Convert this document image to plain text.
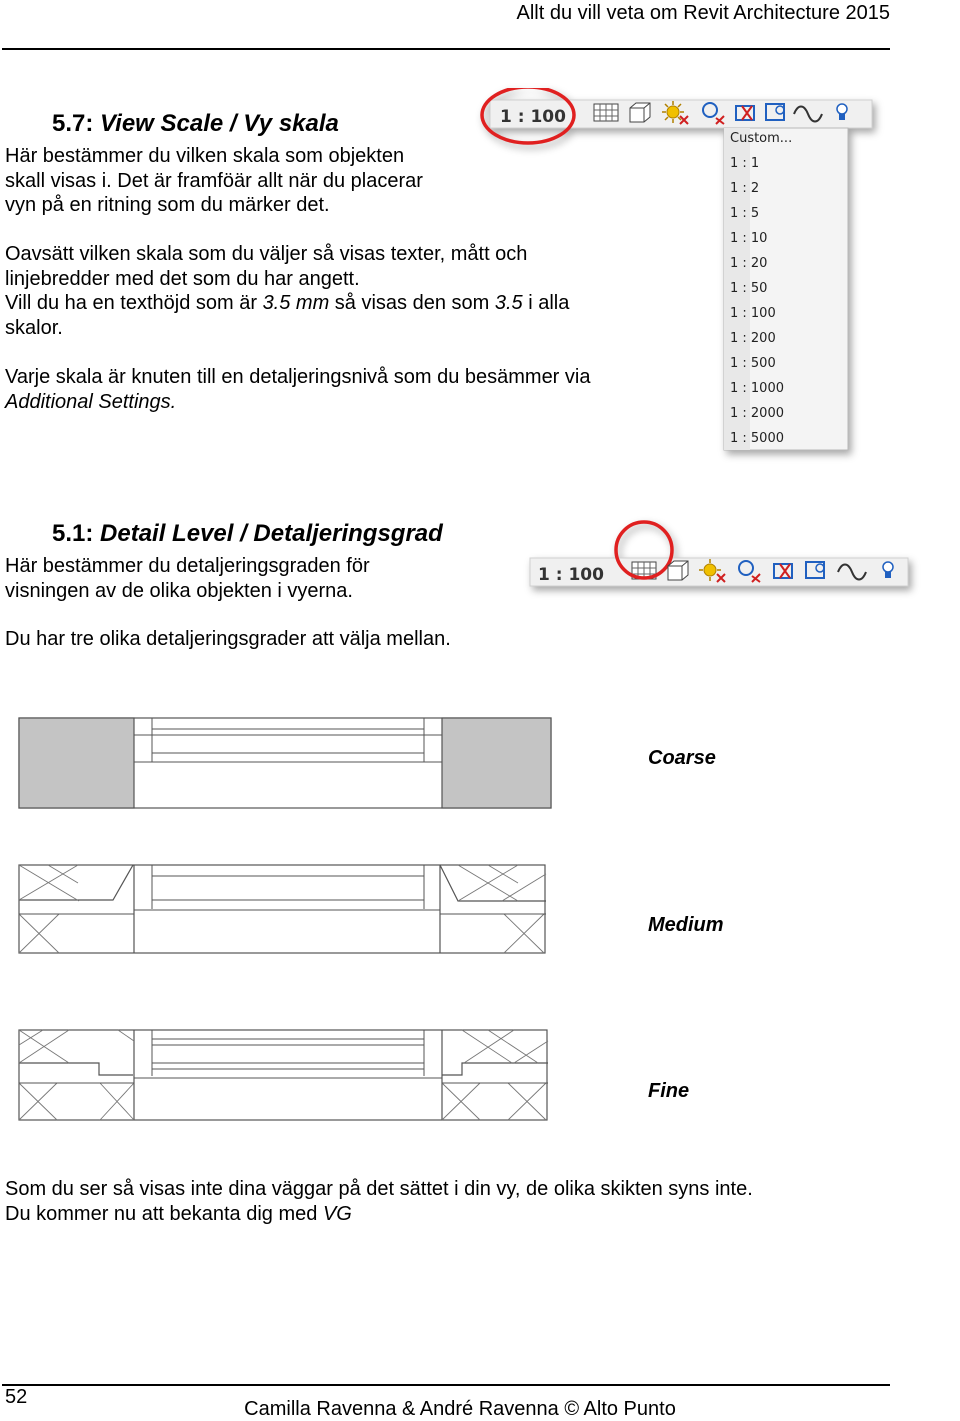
Allt du vill veta om Revit Architecture 2015
5.7: View Scale / Vy skala
Här bestämmer du vilken skala som objekten
skall visas i. Det är framföär allt när du placerar
vyn på en ritning som du märker det.
Oavsätt vilken skala som du väljer så visas texter, mått och
linjebredder med det som du har angett.
Vill du ha en texthöjd som är 3.5 mm så visas den som 3.5 i alla
skalor.
Varje skala är knuten till en detaljeringsnivå som du besämmer via
Additional Settings.
1 : 100
Custom...
1 : 1
1 : 2
1 : 5
1 : 10
1 : 20
1 : 50
1 : 100
1 : 200
1 : 500
1 : 1000
1 : 2000
1 : 5000
5.1: Detail Level / Detaljeringsgrad
Här bestämmer du detaljeringsgraden för
visningen av de olika objekten i vyerna.
Du har tre olika detaljeringsgrader att välja mellan.
1 : 100
Coarse
Medium
Fine
Som du ser så visas inte dina väggar på det sättet i din vy, de olika skikten syns inte.
Du kommer nu att bekanta dig med VG
52
Camilla Ravenna & André Ravenna © Alto Punto
